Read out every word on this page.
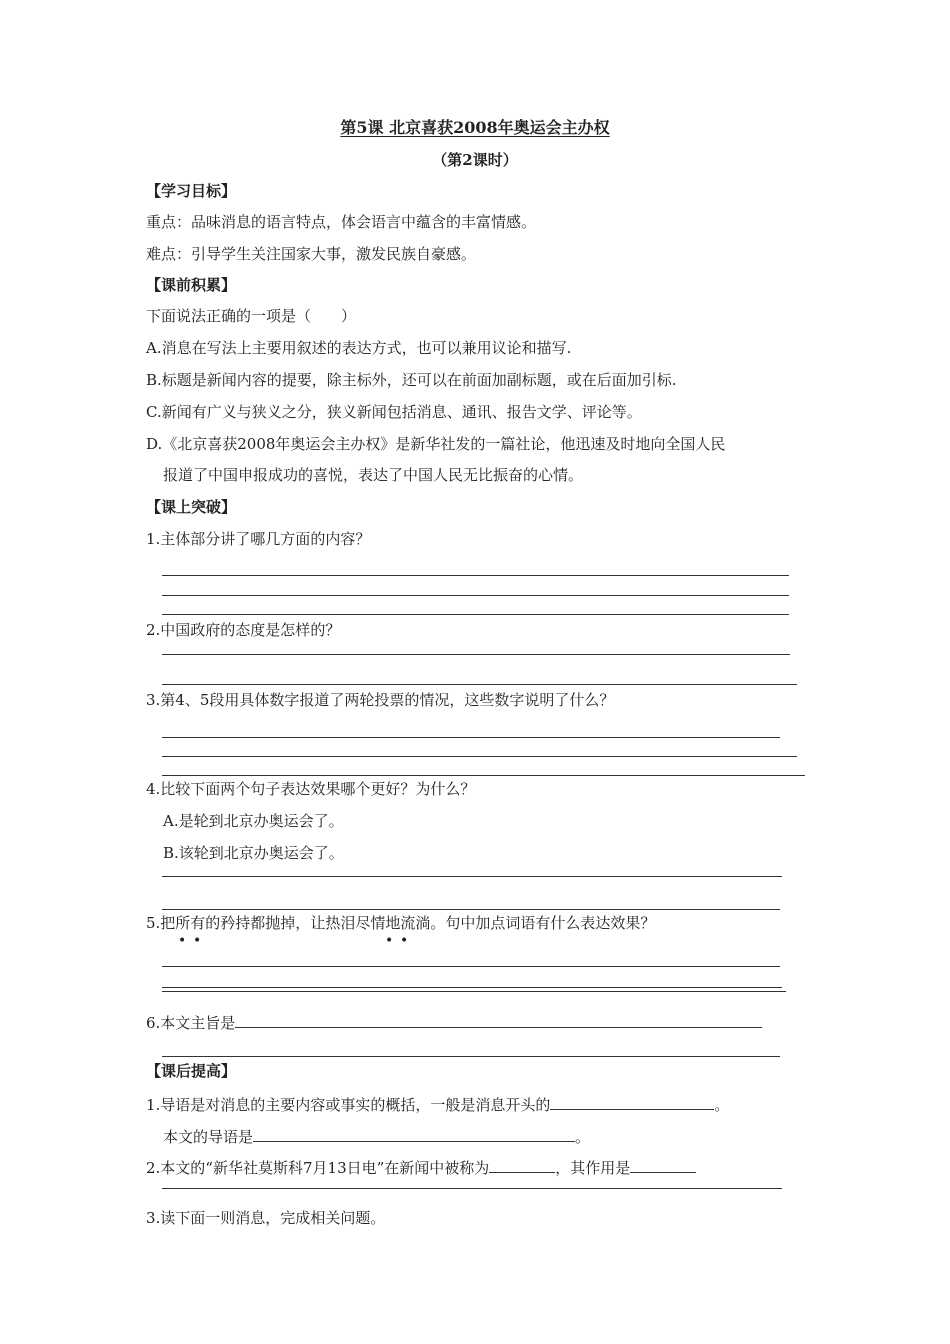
第5课 北京喜获2008年奥运会主办权
（第2课时）
【学习目标】
重点：品味消息的语言特点，体会语言中蕴含的丰富情感。
难点：引导学生关注国家大事，激发民族自豪感。
【课前积累】
下面说法正确的一项是（　　）
A.消息在写法上主要用叙述的表达方式，也可以兼用议论和描写.
B.标题是新闻内容的提要，除主标外，还可以在前面加副标题，或在后面加引标.
C.新闻有广义与狭义之分，狭义新闻包括消息、通讯、报告文学、评论等。
D.《北京喜获2008年奥运会主办权》是新华社发的一篇社论，他迅速及时地向全国人民
报道了中国申报成功的喜悦，表达了中国人民无比振奋的心情。
【课上突破】
1.主体部分讲了哪几方面的内容？
2.中国政府的态度是怎样的？
3.第4、5段用具体数字报道了两轮投票的情况，这些数字说明了什么？
4.比较下面两个句子表达效果哪个更好？为什么？
A.是轮到北京办奥运会了。
B.该轮到北京办奥运会了。
5.把所有的矜持都抛掉，让热泪尽情地流淌。句中加点词语有什么表达效果？
• •	• •
6.本文主旨是
【课后提高】
1.导语是对消息的主要内容或事实的概括，一般是消息开头的	。
本文的导语是	。
2.本文的“新华社莫斯科7月13日电”在新闻中被称为	，其作用是
3.读下面一则消息，完成相关问题。
